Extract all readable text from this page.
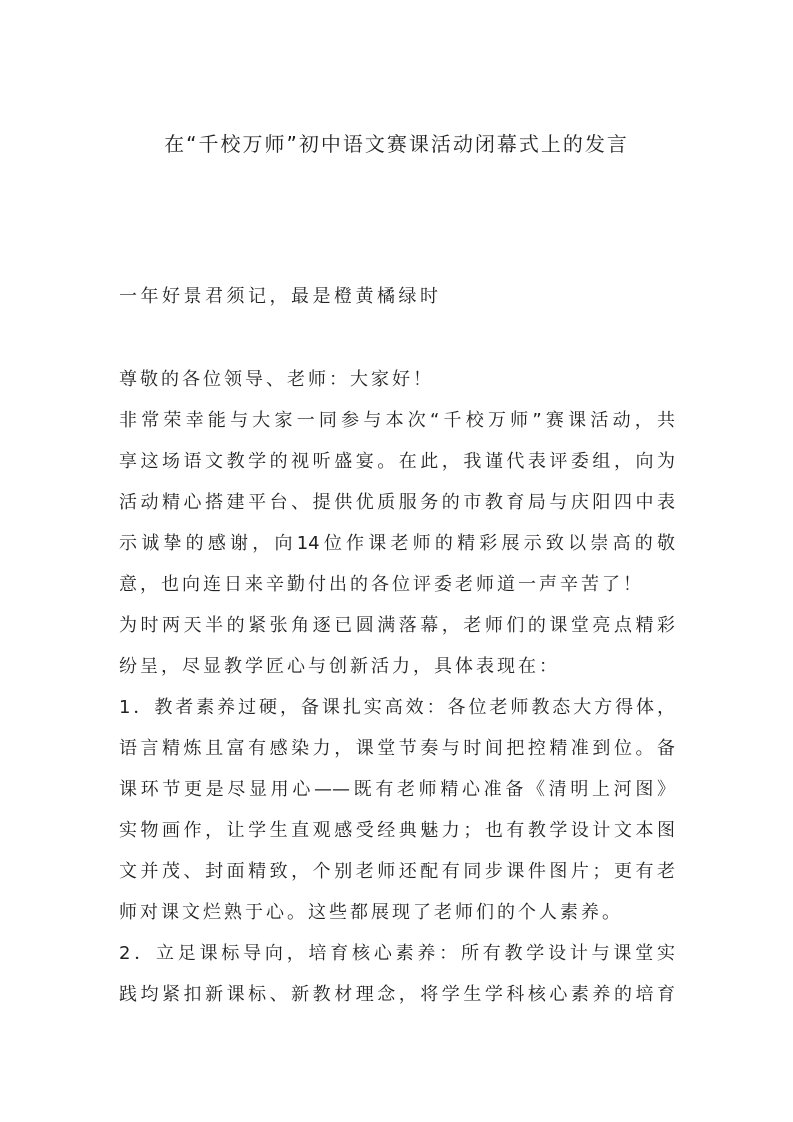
在“千校万师”初中语文赛课活动闭幕式上的发言
一年好景君须记，最是橙黄橘绿时
尊敬的各位领导、老师：大家好！
非常荣幸能与大家一同参与本次“千校万师”赛课活动，共
享这场语文教学的视听盛宴。在此，我谨代表评委组，向为
活动精心搭建平台、提供优质服务的市教育局与庆阳四中表
示诚挚的感谢，向14位作课老师的精彩展示致以崇高的敬
意，也向连日来辛勤付出的各位评委老师道一声辛苦了！
为时两天半的紧张角逐已圆满落幕，老师们的课堂亮点精彩
纷呈，尽显教学匠心与创新活力，具体表现在：
1．教者素养过硬，备课扎实高效：各位老师教态大方得体，
语言精炼且富有感染力，课堂节奏与时间把控精准到位。备
课环节更是尽显用心——既有老师精心准备《清明上河图》
实物画作，让学生直观感受经典魅力；也有教学设计文本图
文并茂、封面精致，个别老师还配有同步课件图片；更有老
师对课文烂熟于心。这些都展现了老师们的个人素养。
2．立足课标导向，培育核心素养：所有教学设计与课堂实
践均紧扣新课标、新教材理念，将学生学科核心素养的培育
